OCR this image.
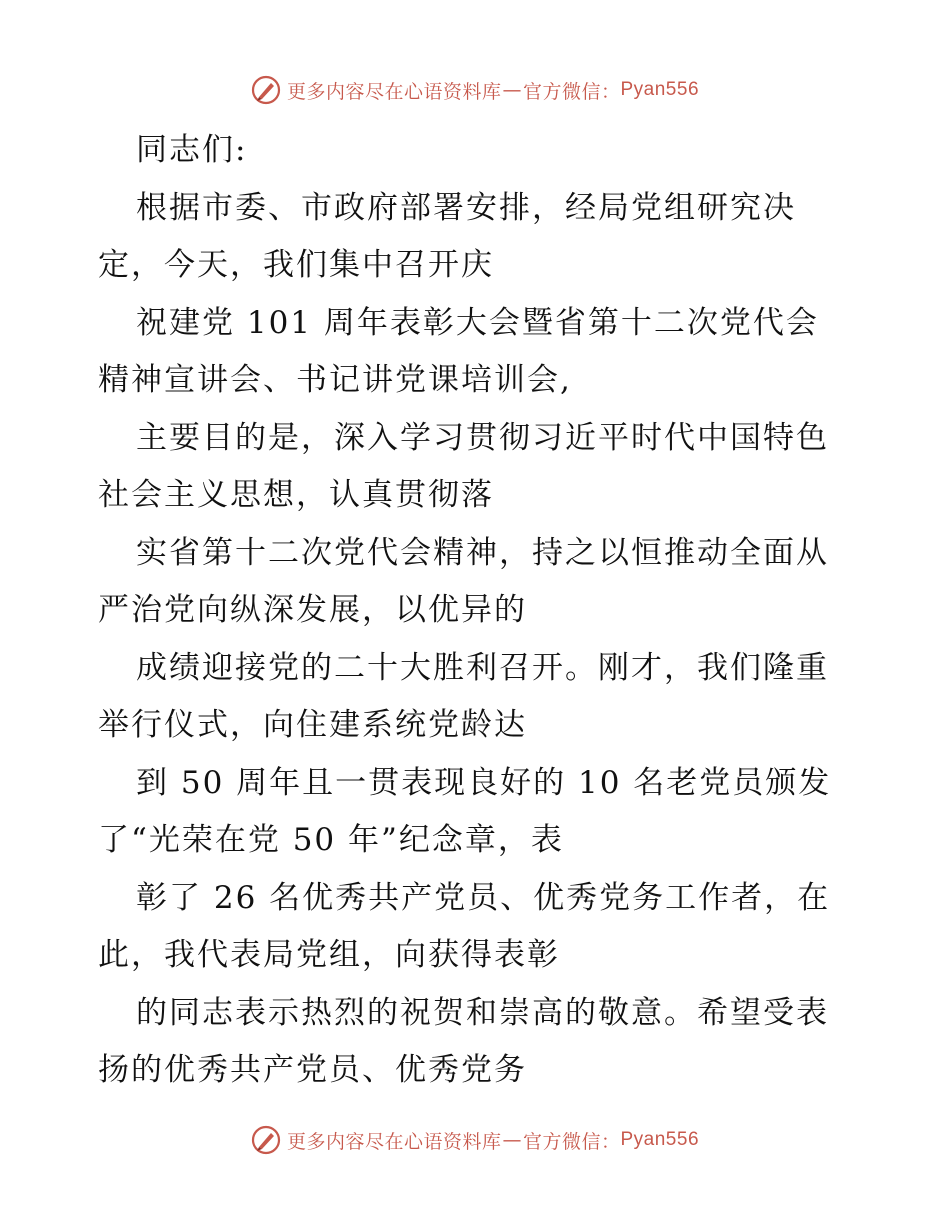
更多内容尽在心语资料库 — 官方微信： Pyan556
同志们:
根据市委、市政府部署安排，经局党组研究决
定，今天，我们集中召开庆
祝建党 101 周年表彰大会暨省第十二次党代会
精神宣讲会、书记讲党课培训会,
主要目的是，深入学习贯彻习近平时代中国特色
社会主义思想，认真贯彻落
实省第十二次党代会精神，持之以恒推动全面从
严治党向纵深发展，以优异的
成绩迎接党的二十大胜利召开。刚才，我们隆重
举行仪式，向住建系统党龄达
到 50 周年且一贯表现良好的 10 名老党员颁发
了“光荣在党 50 年”纪念章，表
彰了 26 名优秀共产党员、优秀党务工作者，在
此，我代表局党组，向获得表彰
的同志表示热烈的祝贺和崇高的敬意。希望受表
扬的优秀共产党员、优秀党务
更多内容尽在心语资料库 — 官方微信： Pyan556
